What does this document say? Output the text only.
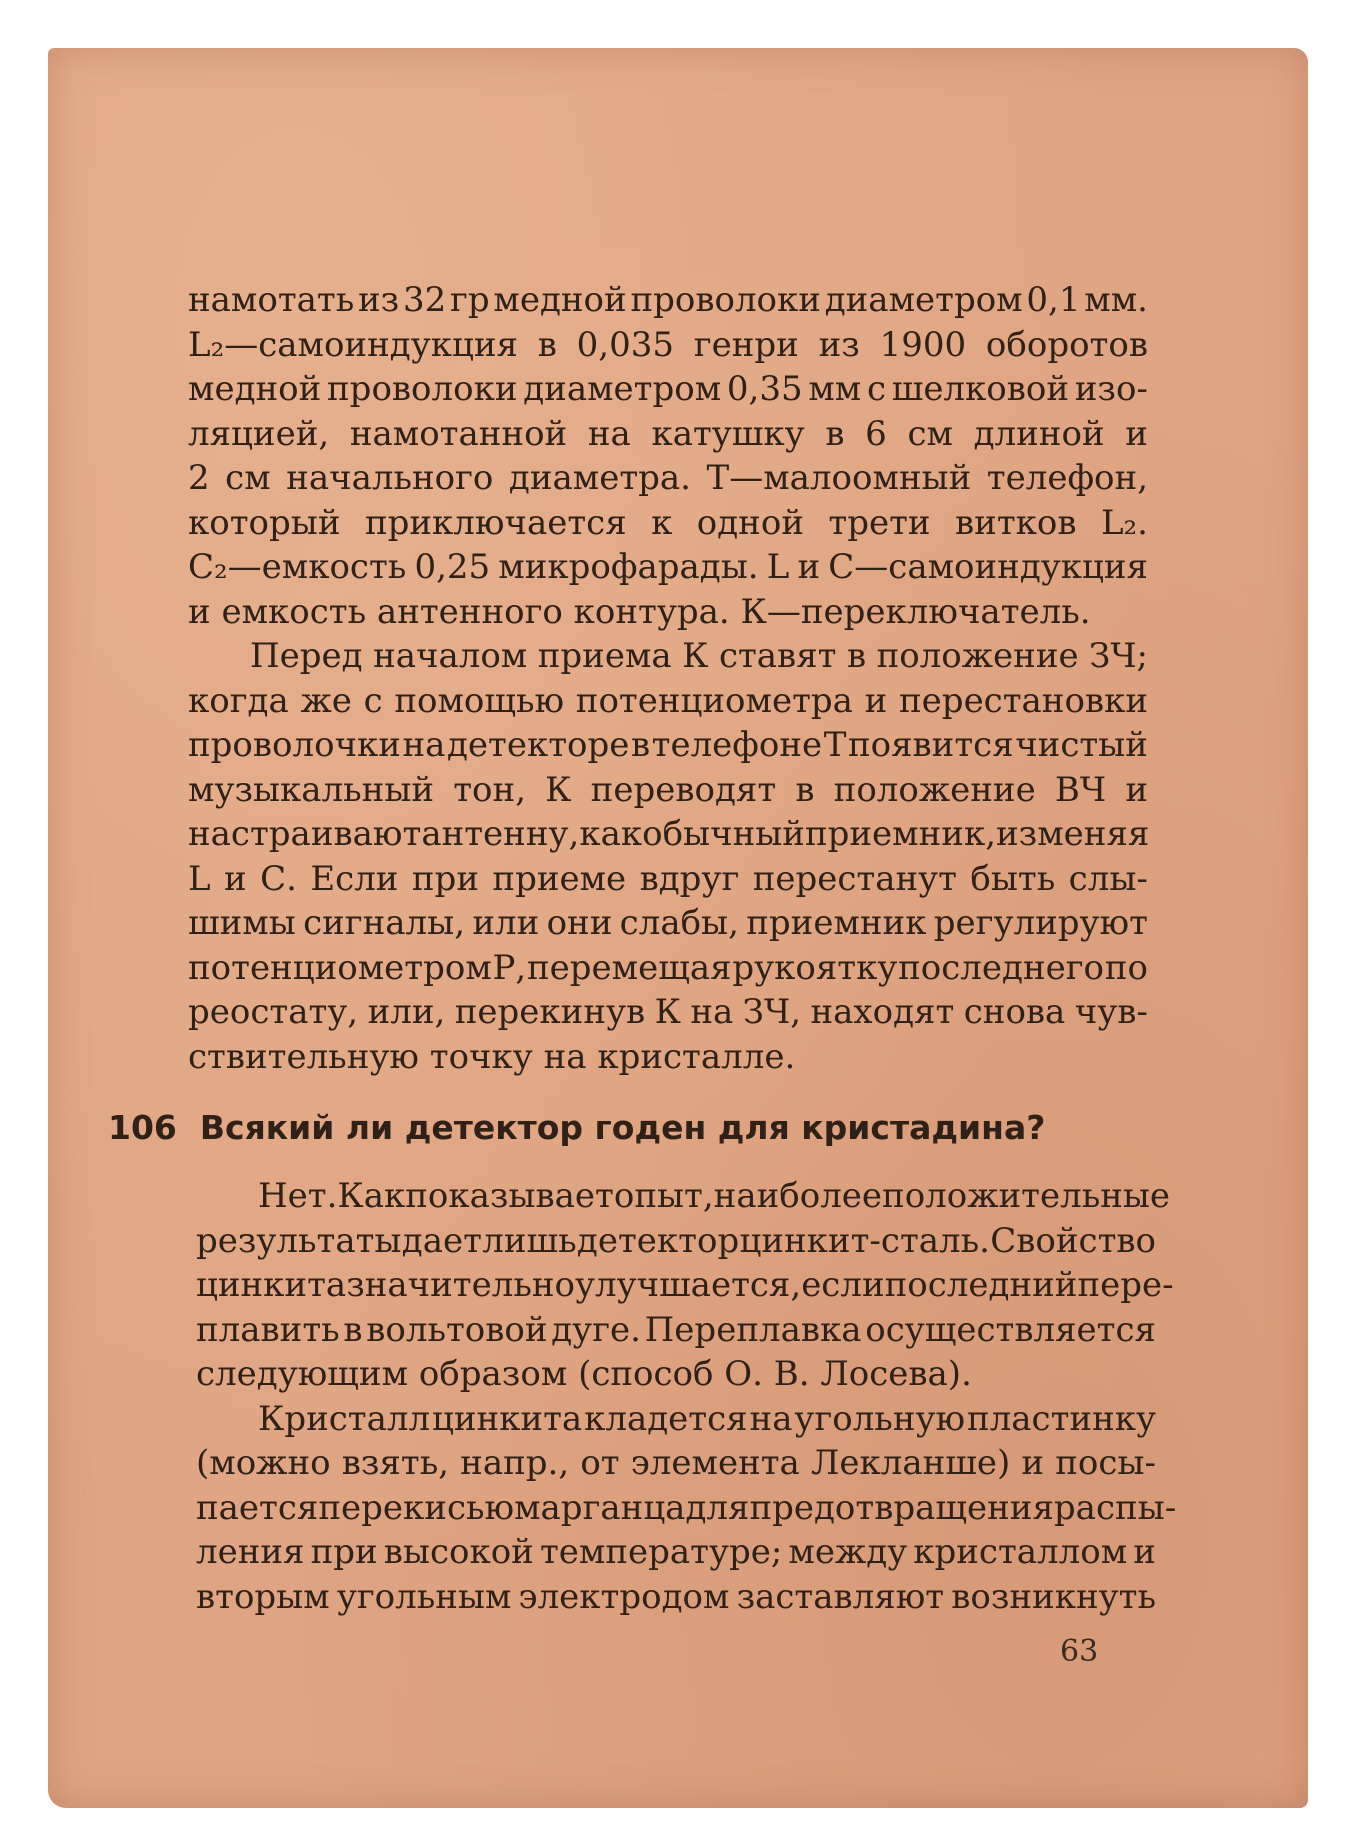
намотать из 32 гр медной проволоки диаметром 0,1 мм.
L₂—самоиндукция в 0,035 генри из 1900 оборотов
медной проволоки диаметром 0,35 мм с шелковой изо-
ляцией, намотанной на катушку в 6 см длиной и
2 см начального диаметра. Т—малоомный телефон,
который приключается к одной трети витков L₂.
C₂—емкость 0,25 микрофарады. L и С—самоиндукция
и емкость антенного контура. К—переключатель.
Перед началом приема К ставят в положение ЗЧ;
когда же с помощью потенциометра и перестановки
проволочки на детекторе в телефоне Т появится чистый
музыкальный тон, К переводят в положение ВЧ и
настраивают антенну, как обычный приемник, изменяя
L и С. Если при приеме вдруг перестанут быть слы-
шимы сигналы, или они слабы, приемник регулируют
потенциометром Р, перемещая рукоятку последнего по
реостату, или, перекинув К на ЗЧ, находят снова чув-
ствительную точку на кристалле.
106 Всякий ли детектор годен для кристадина?
Нет. Как показывает опыт, наиболее положительные
результаты дает лишь детектор цинкит-сталь. Свойство
цинкита значительно улучшается, если последний пере-
плавить в вольтовой дуге. Переплавка осуществляется
следующим образом (способ О. В. Лосева).
Кристалл цинкита кладется на угольную пластинку
(можно взять, напр., от элемента Лекланше) и посы-
пается перекисью марганца для предотвращения распы-
ления при высокой температуре; между кристаллом и
вторым угольным электродом заставляют возникнуть
63
